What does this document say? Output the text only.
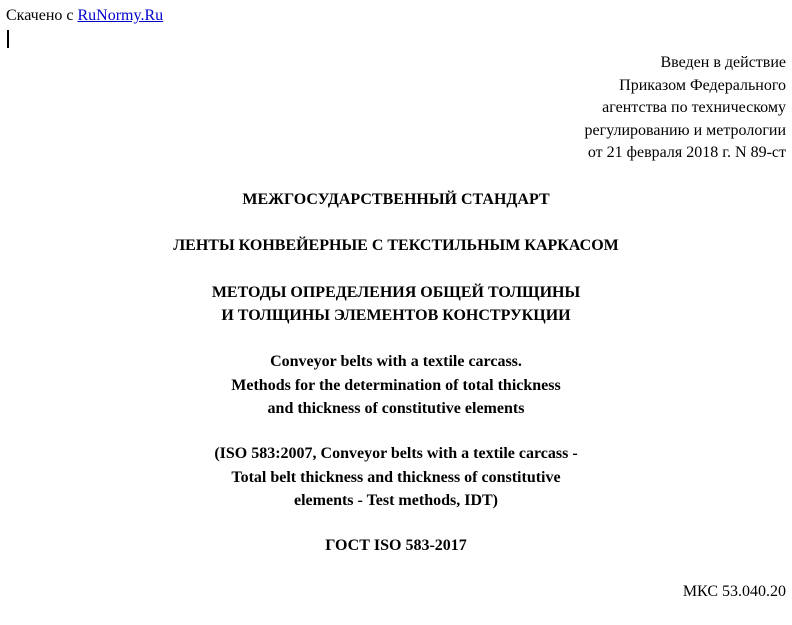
Скачено с RuNormy.Ru
Введен в действие
Приказом Федерального
агентства по техническому
регулированию и метрологии
от 21 февраля 2018 г. N 89-ст
МЕЖГОСУДАРСТВЕННЫЙ СТАНДАРТ
ЛЕНТЫ КОНВЕЙЕРНЫЕ С ТЕКСТИЛЬНЫМ КАРКАСОМ
МЕТОДЫ ОПРЕДЕЛЕНИЯ ОБЩЕЙ ТОЛЩИНЫ
И ТОЛЩИНЫ ЭЛЕМЕНТОВ КОНСТРУКЦИИ
Conveyor belts with a textile carcass.
Methods for the determination of total thickness
and thickness of constitutive elements
(ISO 583:2007, Conveyor belts with a textile carcass -
Total belt thickness and thickness of constitutive
elements - Test methods, IDT)
ГОСТ ISO 583-2017
МКС 53.040.20
